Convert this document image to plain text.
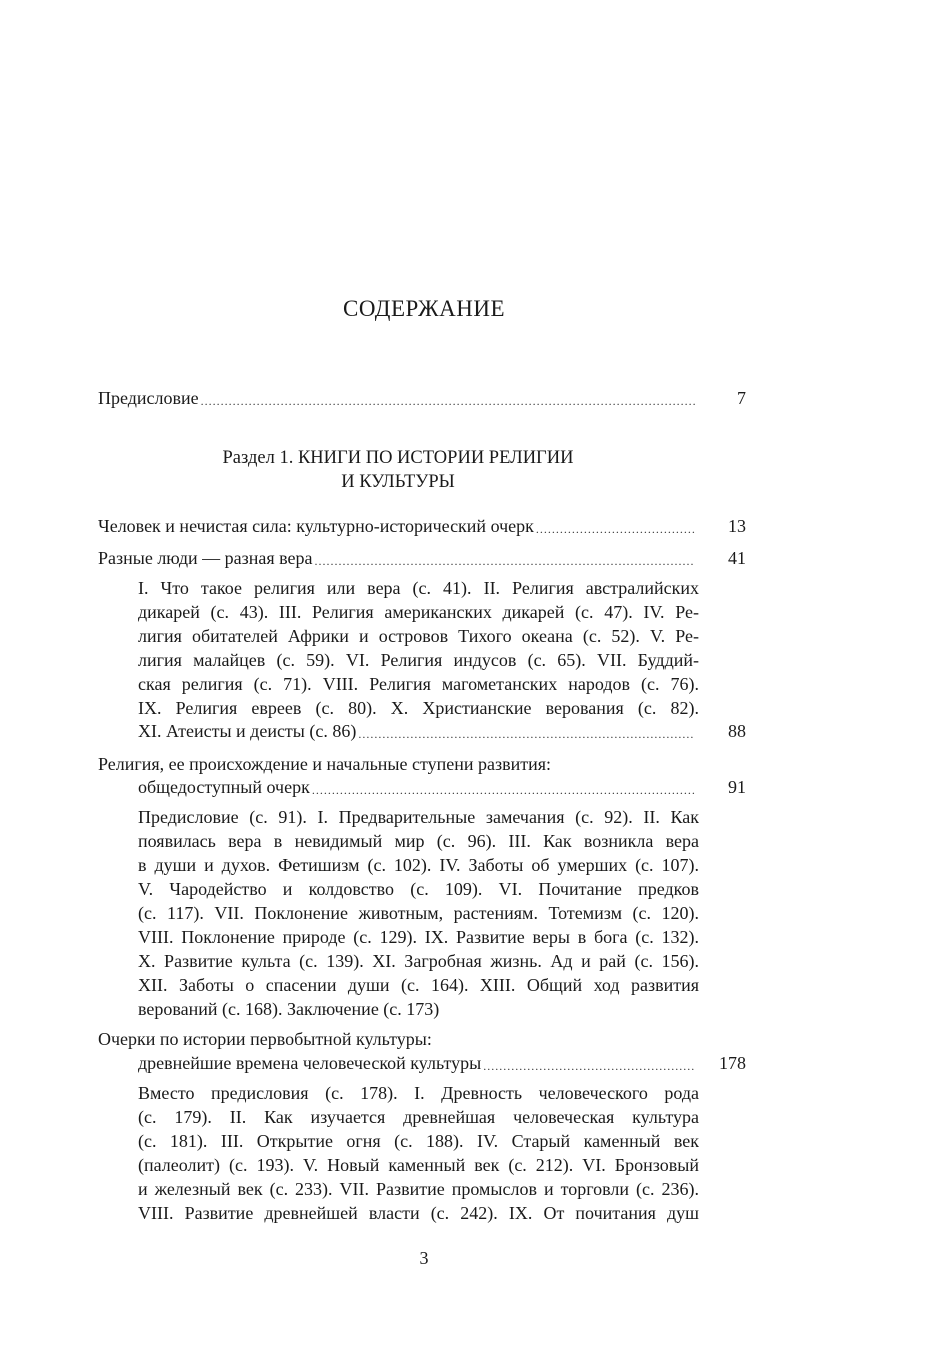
СОДЕРЖАНИЕ
Предисловие .....	7
Раздел 1. КНИГИ ПО ИСТОРИИ РЕЛИГИИ
И КУЛЬТУРЫ
Человек и нечистая сила: культурно-исторический очерк .....	13
Разные люди — разная вера .....	41
I. Что такое религия или вера (с. 41). II. Религия австралийских
дикарей (с. 43). III. Религия американских дикарей (с. 47). IV. Ре-
лигия обитателей Африки и островов Тихого океана (с. 52). V. Ре-
лигия малайцев (с. 59). VI. Религия индусов (с. 65). VII. Буддий-
ская религия (с. 71). VIII. Религия магометанских народов (с. 76).
IX. Религия евреев (с. 80). X. Христианские верования (с. 82).
XI. Атеисты и деисты (с. 86) .....	88
Религия, ее происхождение и начальные ступени развития:
общедоступный очерк .....	91
Предисловие (с. 91). I. Предварительные замечания (с. 92). II. Как
появилась вера в невидимый мир (с. 96). III. Как возникла вера
в души и духов. Фетишизм (с. 102). IV. Заботы об умерших (с. 107).
V. Чародейство и колдовство (с. 109). VI. Почитание предков
(с. 117). VII. Поклонение животным, растениям. Тотемизм (с. 120).
VIII. Поклонение природе (с. 129). IX. Развитие веры в бога (с. 132).
X. Развитие культа (с. 139). XI. Загробная жизнь. Ад и рай (с. 156).
XII. Заботы о спасении души (с. 164). XIII. Общий ход развития
верований (с. 168). Заключение (с. 173)
Очерки по истории первобытной культуры:
древнейшие времена человеческой культуры .....	178
Вместо предисловия (с. 178). I. Древность человеческого рода
(с. 179). II. Как изучается древнейшая человеческая культура
(с. 181). III. Открытие огня (с. 188). IV. Старый каменный век
(палеолит) (с. 193). V. Новый каменный век (с. 212). VI. Бронзовый
и железный век (с. 233). VII. Развитие промыслов и торговли (с. 236).
VIII. Развитие древнейшей власти (с. 242). IX. От почитания душ
3
